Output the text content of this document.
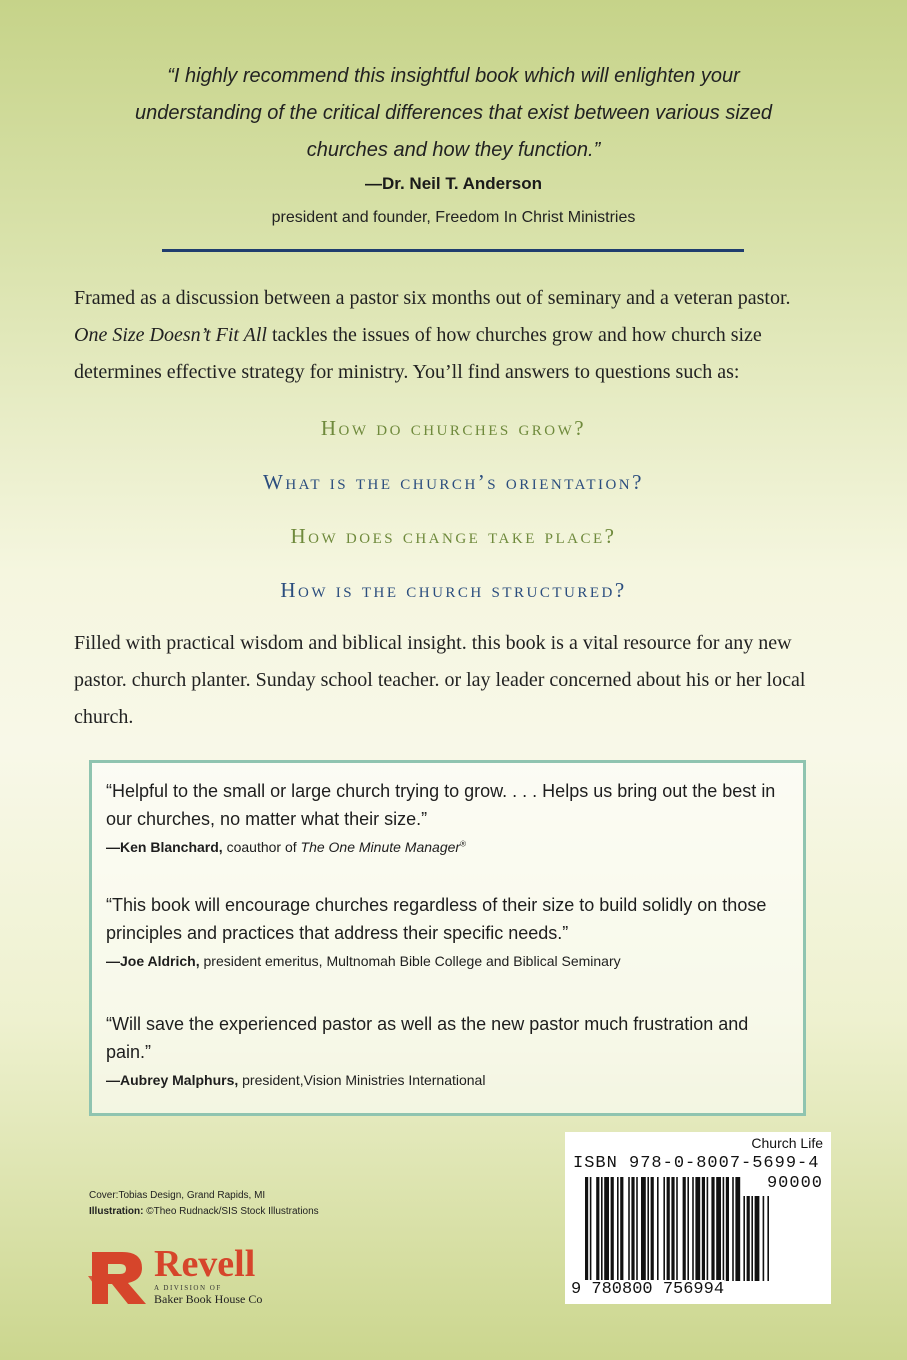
“I highly recommend this insightful book which will enlighten your understanding of the critical differences that exist between various sized churches and how they function.”
—Dr. Neil T. Anderson
president and founder, Freedom In Christ Ministries
Framed as a discussion between a pastor six months out of seminary and a veteran pastor.
One Size Doesn’t Fit All tackles the issues of how churches grow and how church size determines effective strategy for ministry. You’ll find answers to questions such as:
How do churches grow?
What is the church’s orientation?
How does change take place?
How is the church structured?
Filled with practical wisdom and biblical insight. this book is a vital resource for any new pastor. church planter. Sunday school teacher. or lay leader concerned about his or her local church.
“Helpful to the small or large church trying to grow. . . . Helps us bring out the best in our churches, no matter what their size.”
—Ken Blanchard, coauthor of The One Minute Manager®
“This book will encourage churches regardless of their size to build solidly on those principles and practices that address their specific needs.”
—Joe Aldrich, president emeritus, Multnomah Bible College and Biblical Seminary
“Will save the experienced pastor as well as the new pastor much frustration and pain.”
—Aubrey Malphurs, president,Vision Ministries International
Cover:Tobias Design, Grand Rapids, MI
Illustration: ©Theo Rudnack/SIS Stock Illustrations
Revell
A DIVISION OF
Baker Book House Co
Church Life
ISBN 978-0-8007-5699-4
90000
9 780800 756994
